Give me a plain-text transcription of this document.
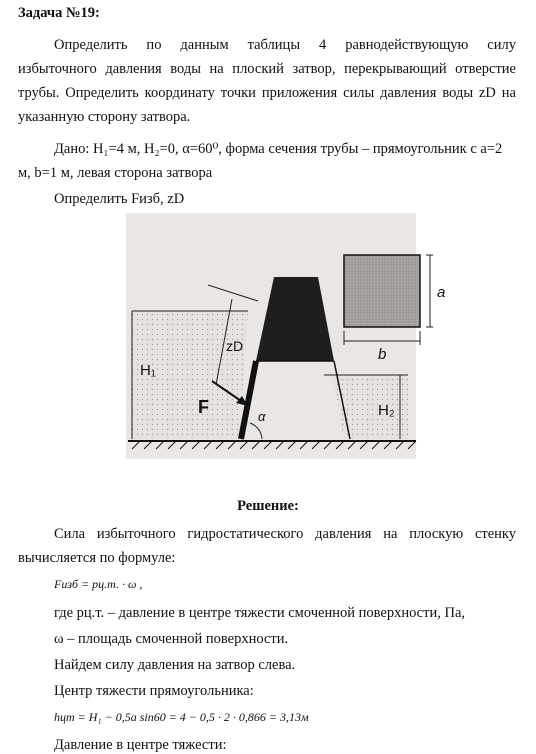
Задача №19:
Определить по данным таблицы 4 равнодействующую силу
избыточного давления воды на плоский затвор, перекрывающий отверстие
трубы. Определить координату точки приложения силы давления воды zD на
указанную сторону затвора.
Дано: H₁=4 м, H₂=0, α=60⁰, форма сечения трубы – прямоугольник с а=2
м, b=1 м, левая сторона затвора
Определить Fизб, zD
a
b
zD
H₁
H₂
F	α
Решение:
Сила избыточного гидростатического давления на плоскую стенку
вычисляется по формуле:
Fизб = pц.т. · ω ,
где pц.т. – давление в центре тяжести смоченной поверхности, Па,
ω – площадь смоченной поверхности.
Найдем силу давления на затвор слева.
Центр тяжести прямоугольника:
hцт = H₁ − 0,5a sin60 = 4 − 0,5 · 2 · 0,866 = 3,13м
Давление в центре тяжести:
